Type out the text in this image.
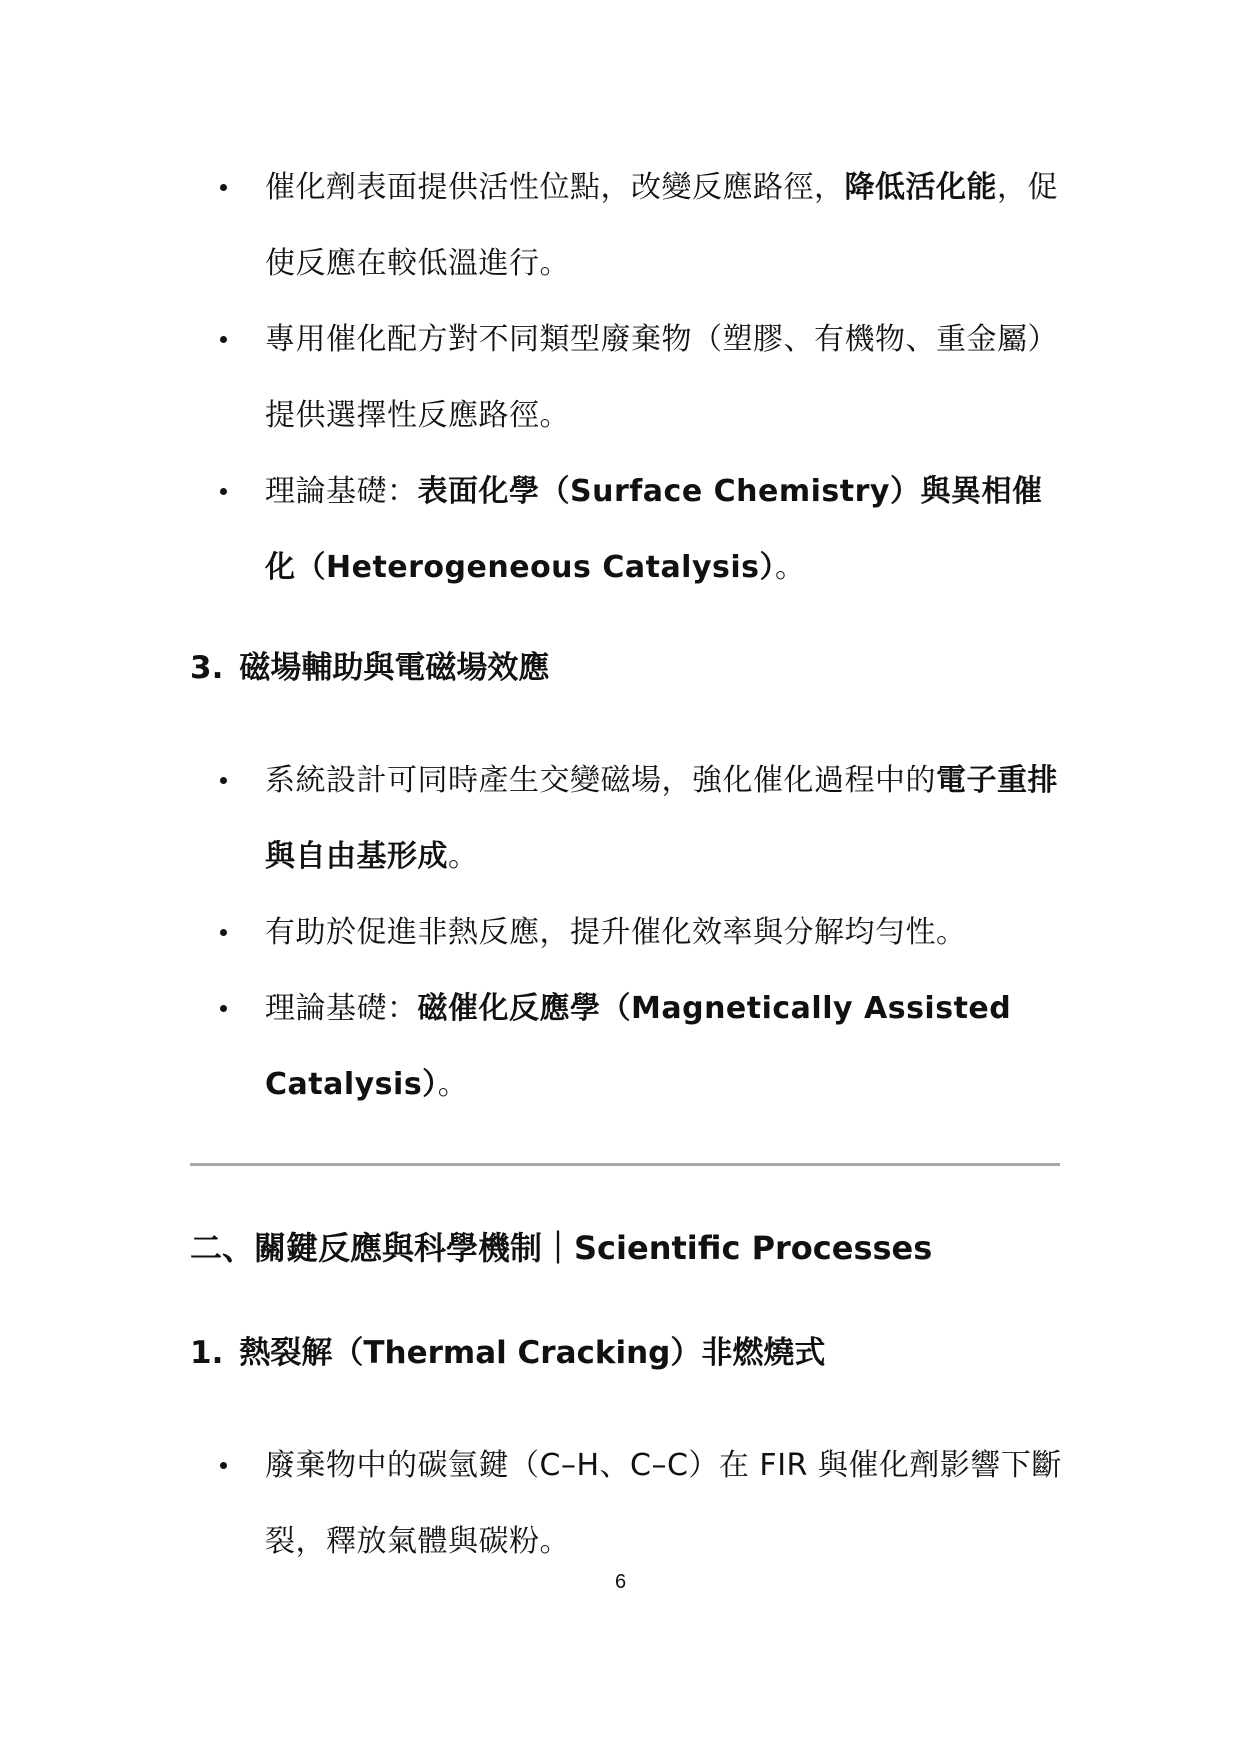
催化劑表面提供活性位點，改變反應路徑，降低活化能，促使反應在較低溫進行。
專用催化配方對不同類型廢棄物（塑膠、有機物、重金屬）提供選擇性反應路徑。
理論基礎：表面化學（Surface Chemistry）與異相催化（Heterogeneous Catalysis）。
3. 磁場輔助與電磁場效應
系統設計可同時產生交變磁場，強化催化過程中的電子重排與自由基形成。
有助於促進非熱反應，提升催化效率與分解均勻性。
理論基礎：磁催化反應學（Magnetically Assisted Catalysis）。
二、關鍵反應與科學機制｜Scientific Processes
1. 熱裂解（Thermal Cracking）非燃燒式
廢棄物中的碳氫鍵（C–H、C–C）在 FIR 與催化劑影響下斷裂，釋放氣體與碳粉。
6
